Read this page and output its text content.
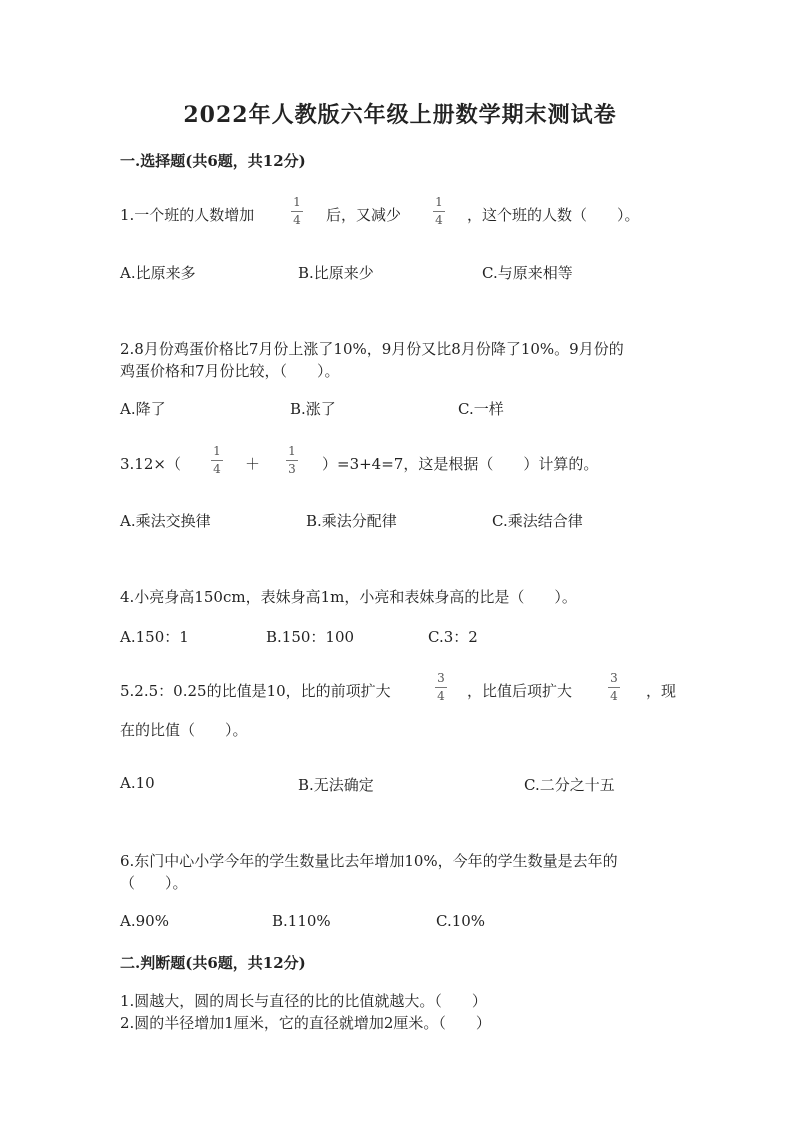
2022年人教版六年级上册数学期末测试卷
一.选择题(共6题，共12分)
1.一个班的人数增加
1
4 后，又减少
1
4 ，这个班的人数（　　）。
A.比原来多	B.比原来少	C.与原来相等
2.8月份鸡蛋价格比7月份上涨了10%，9月份又比8月份降了10%。9月份的
鸡蛋价格和7月份比较，（　　）。
A.降了	B.涨了	C.一样
3.12×（
1
4 ＋
1
3 ）=3+4=7，这是根据（　　）计算的。
A.乘法交换律	B.乘法分配律	C.乘法结合律
4.小亮身高150cm，表妹身高1m，小亮和表妹身高的比是（　　）。
A.150：1	B.150：100	C.3：2
5.2.5：0.25的比值是10，比的前项扩大
3
4 ，比值后项扩大
3
4 ，现
在的比值（　　）。
A.10	B.无法确定	C.二分之十五
6.东门中心小学今年的学生数量比去年增加10%，今年的学生数量是去年的
（　　）。
A.90%	B.110%	C.10%
二.判断题(共6题，共12分)
1.圆越大，圆的周长与直径的比的比值就越大。（　　）
2.圆的半径增加1厘米，它的直径就增加2厘米。（　　）
